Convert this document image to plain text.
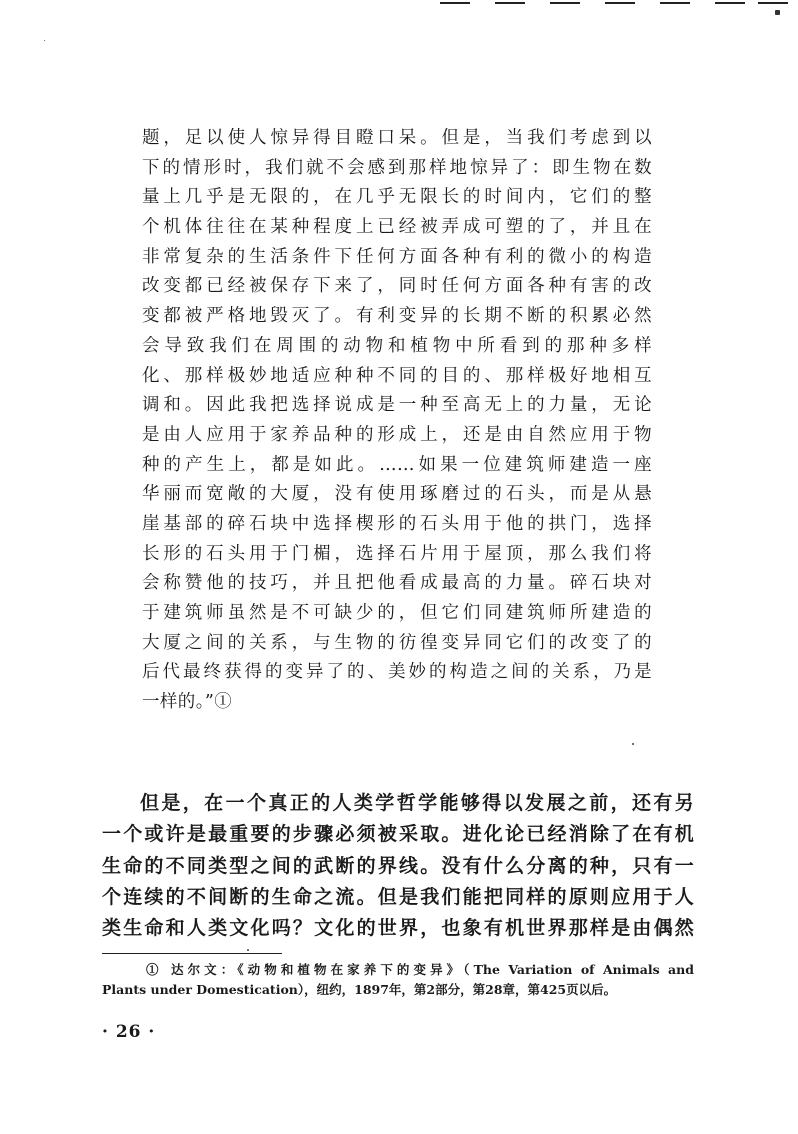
题，足以使人惊异得目瞪口呆。但是，当我们考虑到以
下的情形时，我们就不会感到那样地惊异了：即生物在数
量上几乎是无限的，在几乎无限长的时间内，它们的整
个机体往往在某种程度上已经被弄成可塑的了，并且在
非常复杂的生活条件下任何方面各种有利的微小的构造
改变都已经被保存下来了，同时任何方面各种有害的改
变都被严格地毁灭了。有利变异的长期不断的积累必然
会导致我们在周围的动物和植物中所看到的那种多样
化、那样极妙地适应种种不同的目的、那样极好地相互
调和。因此我把选择说成是一种至高无上的力量，无论
是由人应用于家养品种的形成上，还是由自然应用于物
种的产生上，都是如此。……如果一位建筑师建造一座
华丽而宽敞的大厦，没有使用琢磨过的石头，而是从悬
崖基部的碎石块中选择楔形的石头用于他的拱门，选择
长形的石头用于门楣，选择石片用于屋顶，那么我们将
会称赞他的技巧，并且把他看成最高的力量。碎石块对
于建筑师虽然是不可缺少的，但它们同建筑师所建造的
大厦之间的关系，与生物的彷徨变异同它们的改变了的
后代最终获得的变异了的、美妙的构造之间的关系，乃是
一样的。”①
但是，在一个真正的人类学哲学能够得以发展之前，还有另
一个或许是最重要的步骤必须被采取。进化论已经消除了在有机
生命的不同类型之间的武断的界线。没有什么分离的种，只有一
个连续的不间断的生命之流。但是我们能把同样的原则应用于人
类生命和人类文化吗？文化的世界，也象有机世界那样是由偶然
① 达尔文：《动物和植物在家养下的变异》（The Variation of Animals and
Plants under Domestication），纽约，1897年，第2部分，第28章，第425页以后。
· 26 ·
